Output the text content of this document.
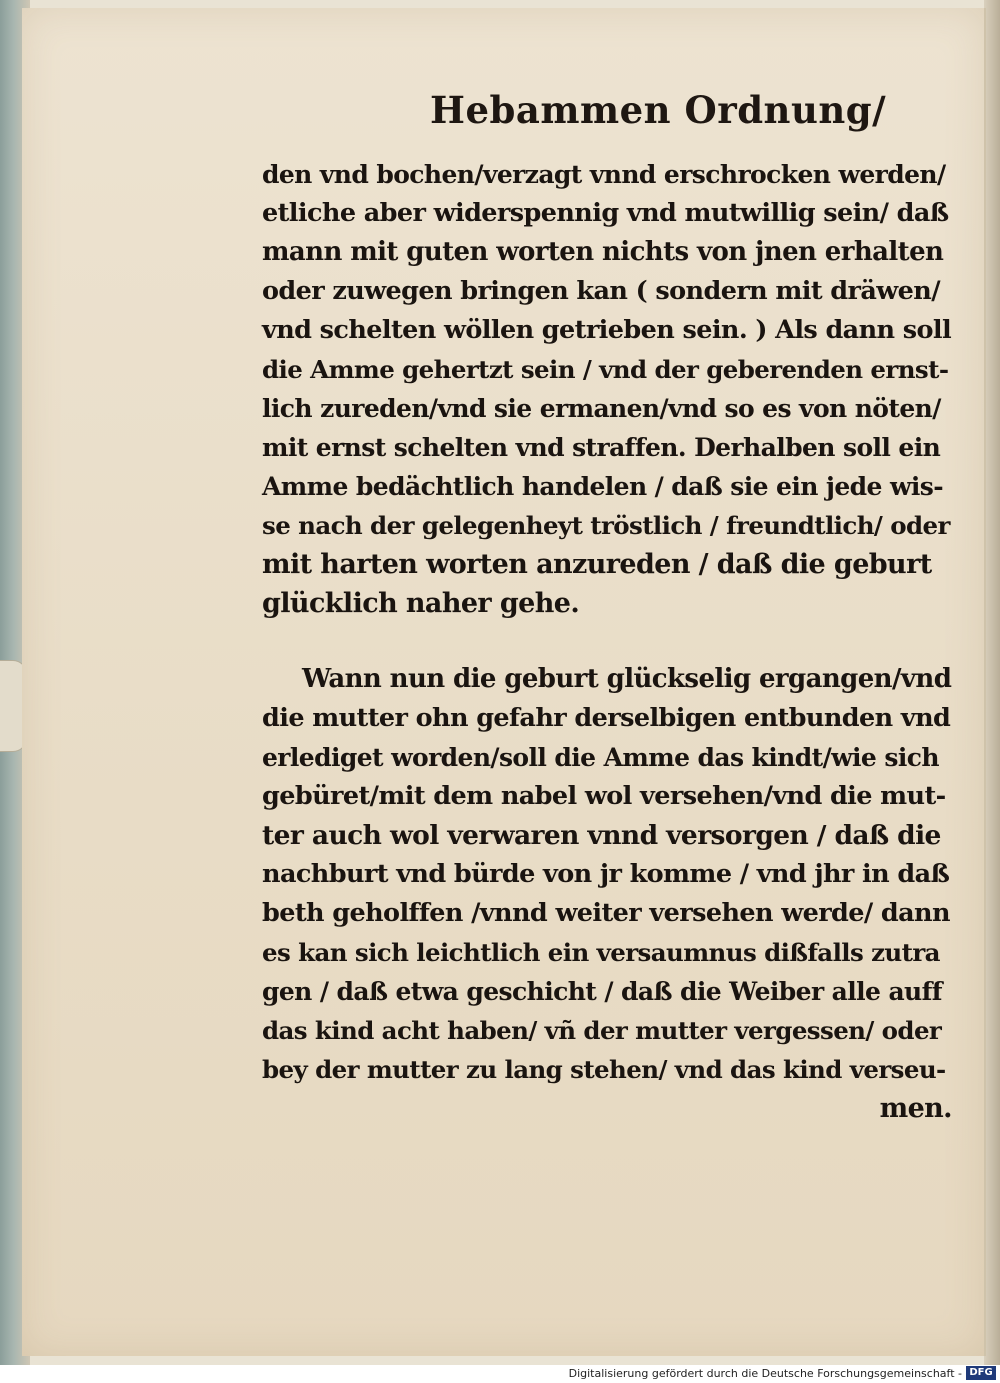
Hebammen Ordnung/
den vnd bochen/verzagt vnnd erschrocken werden/
etliche aber widerspennig vnd mutwillig sein/ daß
mann mit guten worten nichts von jnen erhalten
oder zuwegen bringen kan ( sondern mit dräwen/
vnd schelten wöllen getrieben sein. ) Als dann soll
die Amme gehertzt sein / vnd der geberenden ernst-
lich zureden/vnd sie ermanen/vnd so es von nöten/
mit ernst schelten vnd straffen. Derhalben soll ein
Amme bedächtlich handelen / daß sie ein jede wis-
se nach der gelegenheyt tröstlich / freundtlich/ oder
mit harten worten anzureden / daß die geburt
glücklich naher gehe.
Wann nun die geburt glückselig ergangen/vnd
die mutter ohn gefahr derselbigen entbunden vnd
erlediget worden/soll die Amme das kindt/wie sich
gebüret/mit dem nabel wol versehen/vnd die mut-
ter auch wol verwaren vnnd versorgen / daß die
nachburt vnd bürde von jr komme / vnd jhr in daß
beth geholffen /vnnd weiter versehen werde/ dann
es kan sich leichtlich ein versaumnus dißfalls zutra
gen / daß etwa geschicht / daß die Weiber alle auff
das kind acht haben/ vñ der mutter vergessen/ oder
bey der mutter zu lang stehen/ vnd das kind verseu-
men.
Digitalisierung gefördert durch die Deutsche Forschungsgemeinschaft - DFG
